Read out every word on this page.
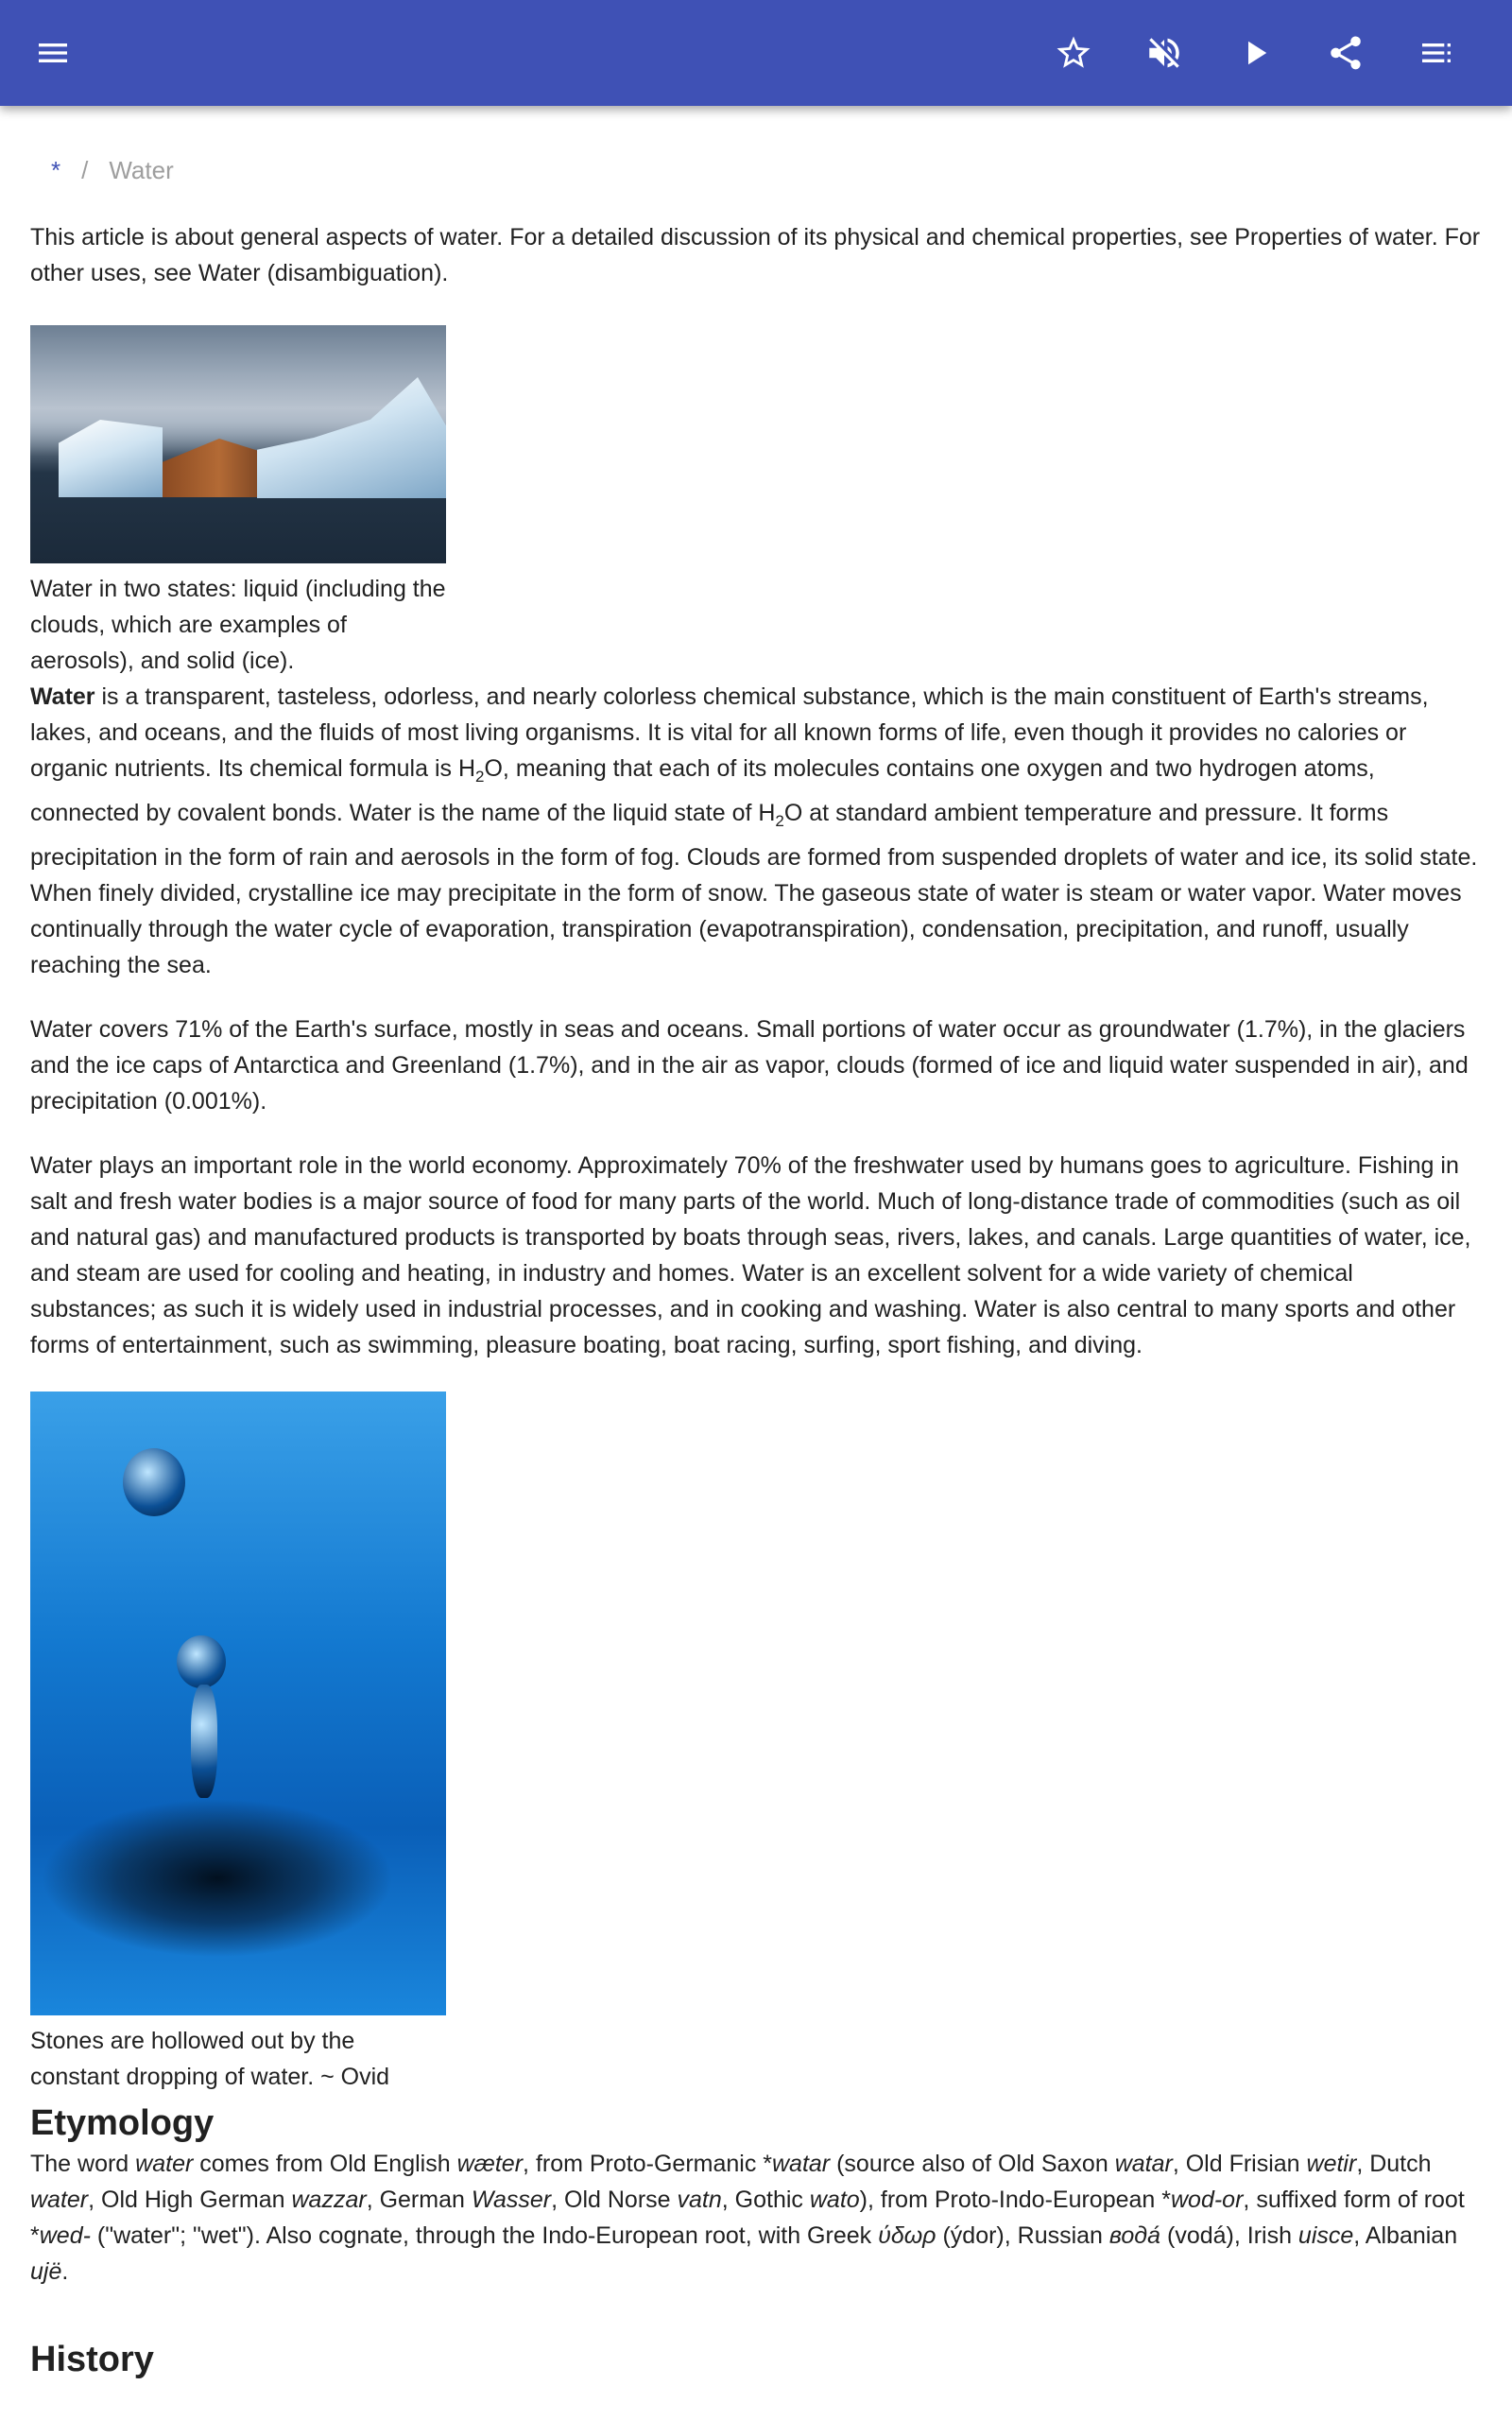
* / Water

This article is about general aspects of water. For a detailed discussion of its physical and chemical properties, see Properties of water. For other uses, see Water (disambiguation).

Water in two states: liquid (including the clouds, which are examples of aerosols), and solid (ice).

Water is a transparent, tasteless, odorless, and nearly colorless chemical substance, which is the main constituent of Earth's streams, lakes, and oceans, and the fluids of most living organisms. It is vital for all known forms of life, even though it provides no calories or organic nutrients. Its chemical formula is $H_2O$, meaning that each of its molecules contains one oxygen and two hydrogen atoms, connected by covalent bonds. Water is the name of the liquid state of $H_2O$ at standard ambient temperature and pressure. It forms precipitation in the form of rain and aerosols in the form of fog. Clouds are formed from suspended droplets of water and ice, its solid state. When finely divided, crystalline ice may precipitate in the form of snow. The gaseous state of water is steam or water vapor. Water moves continually through the water cycle of evaporation, transpiration (evapotranspiration), condensation, precipitation, and runoff, usually reaching the sea.

Water covers 71% of the Earth's surface, mostly in seas and oceans. Small portions of water occur as groundwater (1.7%), in the glaciers and the ice caps of Antarctica and Greenland (1.7%), and in the air as vapor, clouds (formed of ice and liquid water suspended in air), and precipitation (0.001%).

Water plays an important role in the world economy. Approximately 70% of the freshwater used by humans goes to agriculture. Fishing in salt and fresh water bodies is a major source of food for many parts of the world. Much of long-distance trade of commodities (such as oil and natural gas) and manufactured products is transported by boats through seas, rivers, lakes, and canals. Large quantities of water, ice, and steam are used for cooling and heating, in industry and homes. Water is an excellent solvent for a wide variety of chemical substances; as such it is widely used in industrial processes, and in cooking and washing. Water is also central to many sports and other forms of entertainment, such as swimming, pleasure boating, boat racing, surfing, sport fishing, and diving.

Stones are hollowed out by the constant dropping of water. ~ Ovid
Etymology

The word water comes from Old English wæter, from Proto-Germanic *watar (source also of Old Saxon watar, Old Frisian wetir, Dutch water, Old High German wazzar, German Wasser, Old Norse vatn, Gothic wato), from Proto-Indo-European *wod-or, suffixed form of root *wed- ("water"; "wet"). Also cognate, through the Indo-European root, with Greek ύδωρ (ýdor), Russian вода́ (vodá), Irish uisce, Albanian ujë.

History
